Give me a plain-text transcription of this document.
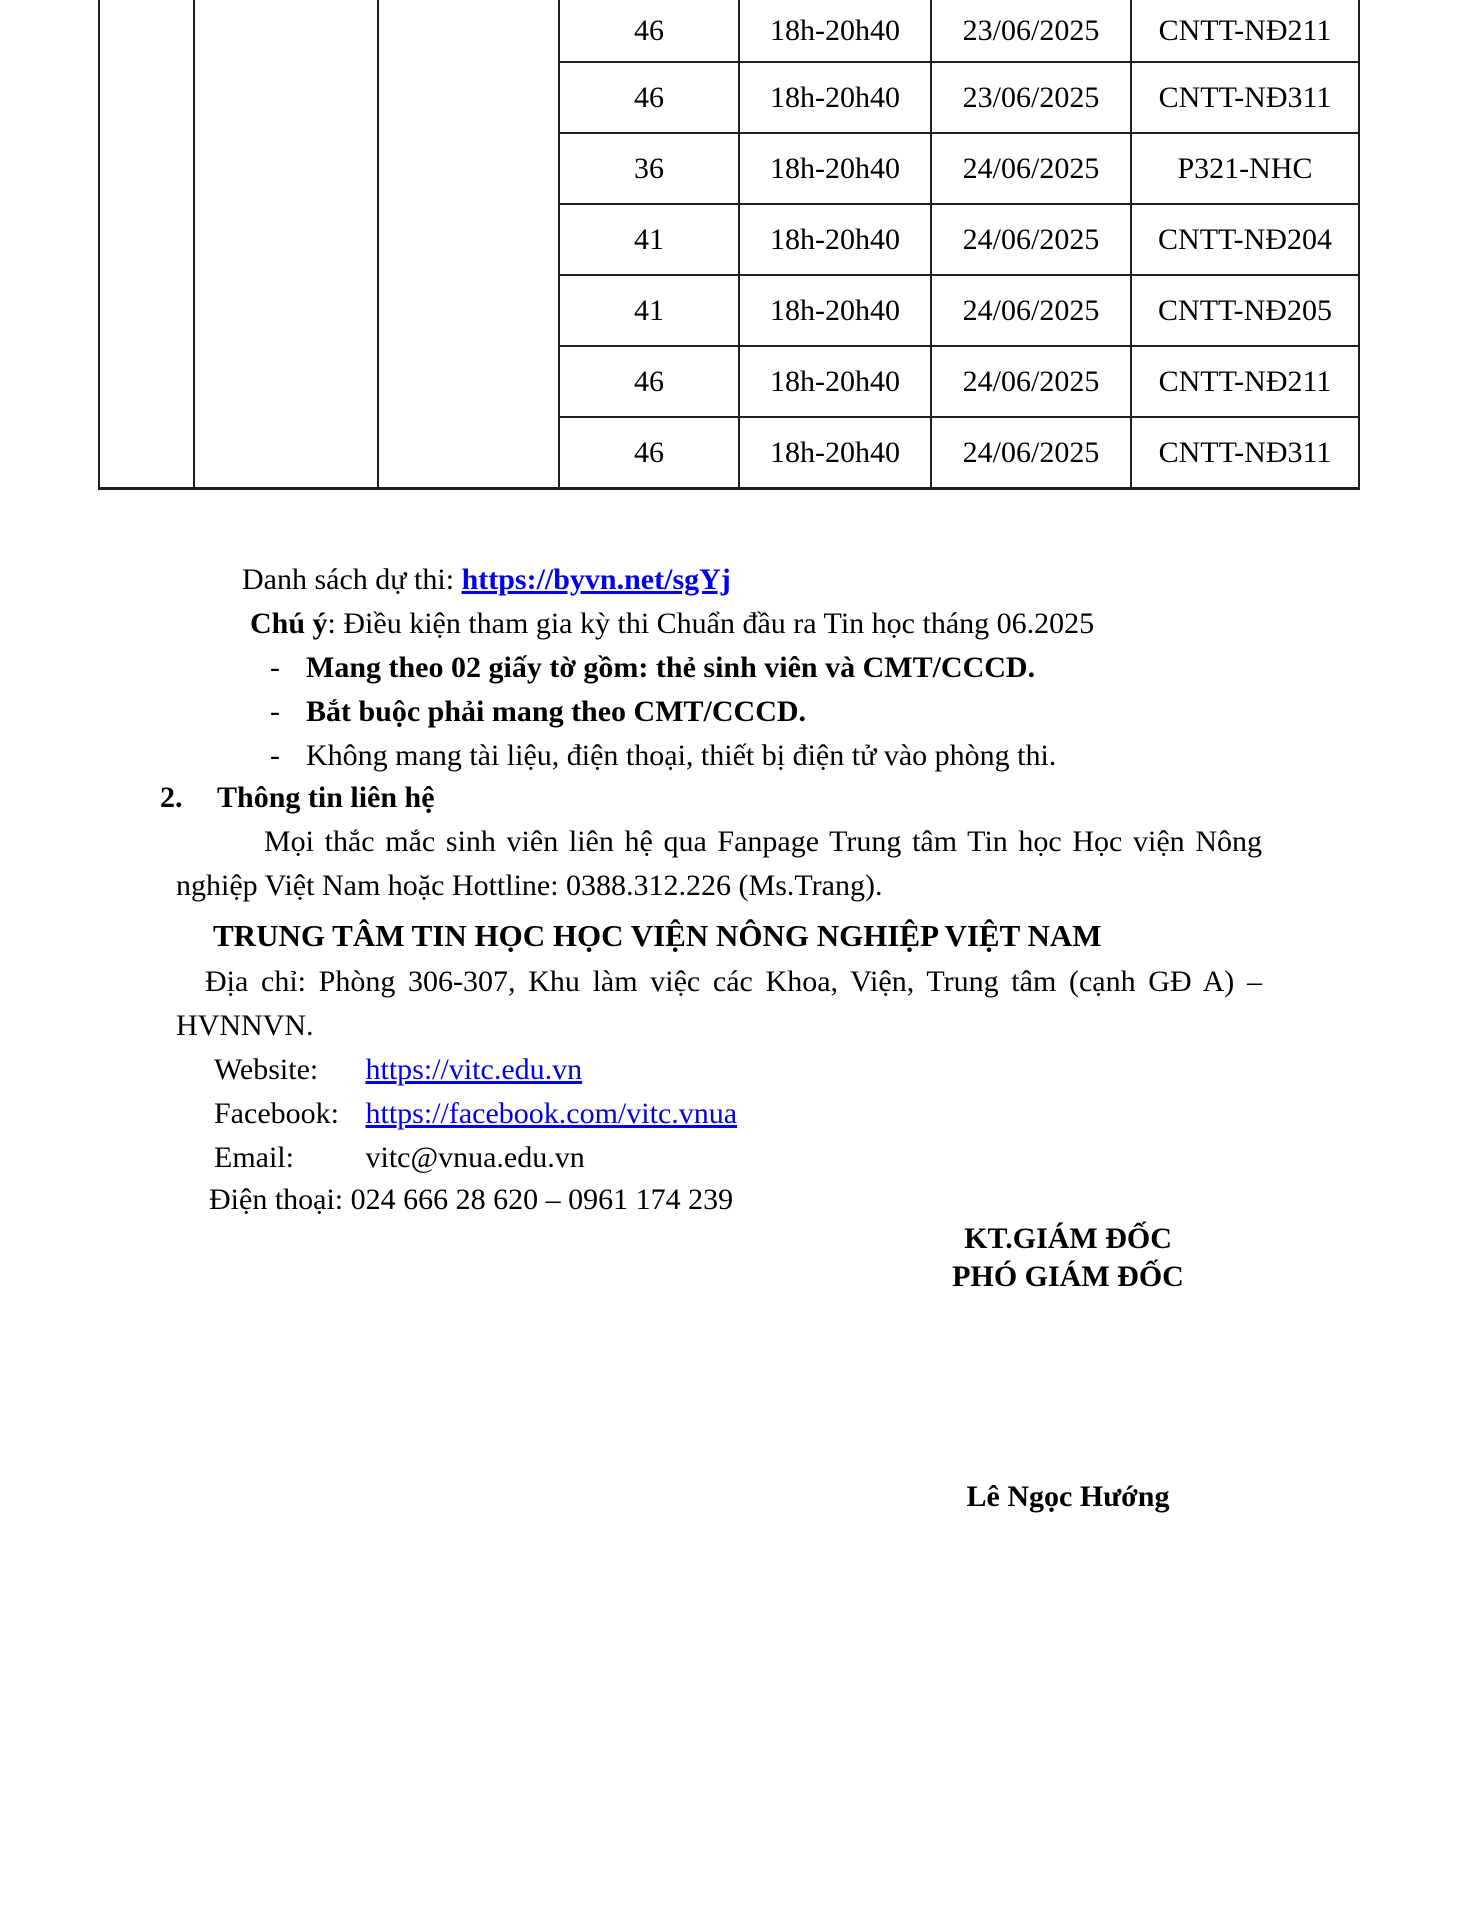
			46	18h-20h40	23/06/2025	CNTT-NĐ211
			46	18h-20h40	23/06/2025	CNTT-NĐ311
			36	18h-20h40	24/06/2025	P321-NHC
			41	18h-20h40	24/06/2025	CNTT-NĐ204
			41	18h-20h40	24/06/2025	CNTT-NĐ205
			46	18h-20h40	24/06/2025	CNTT-NĐ211
			46	18h-20h40	24/06/2025	CNTT-NĐ311
Danh sách dự thi: https://byvn.net/sgYj
Chú ý: Điều kiện tham gia kỳ thi Chuẩn đầu ra Tin học tháng 06.2025
- Mang theo 02 giấy tờ gồm: thẻ sinh viên và CMT/CCCD.
- Bắt buộc phải mang theo CMT/CCCD.
- Không mang tài liệu, điện thoại, thiết bị điện tử vào phòng thi.
2. Thông tin liên hệ
Mọi thắc mắc sinh viên liên hệ qua Fanpage Trung tâm Tin học Học viện Nông
nghiệp Việt Nam hoặc Hottline: 0388.312.226 (Ms.Trang).
TRUNG TÂM TIN HỌC HỌC VIỆN NÔNG NGHIỆP VIỆT NAM
Địa chỉ: Phòng 306-307, Khu làm việc các Khoa, Viện, Trung tâm (cạnh GĐ A) –
HVNNVN.
Website: https://vitc.edu.vn
Facebook: https://facebook.com/vitc.vnua
Email: vitc@vnua.edu.vn
Điện thoại: 024 666 28 620 – 0961 174 239
KT.GIÁM ĐỐC
PHÓ GIÁM ĐỐC
Lê Ngọc Hướng
